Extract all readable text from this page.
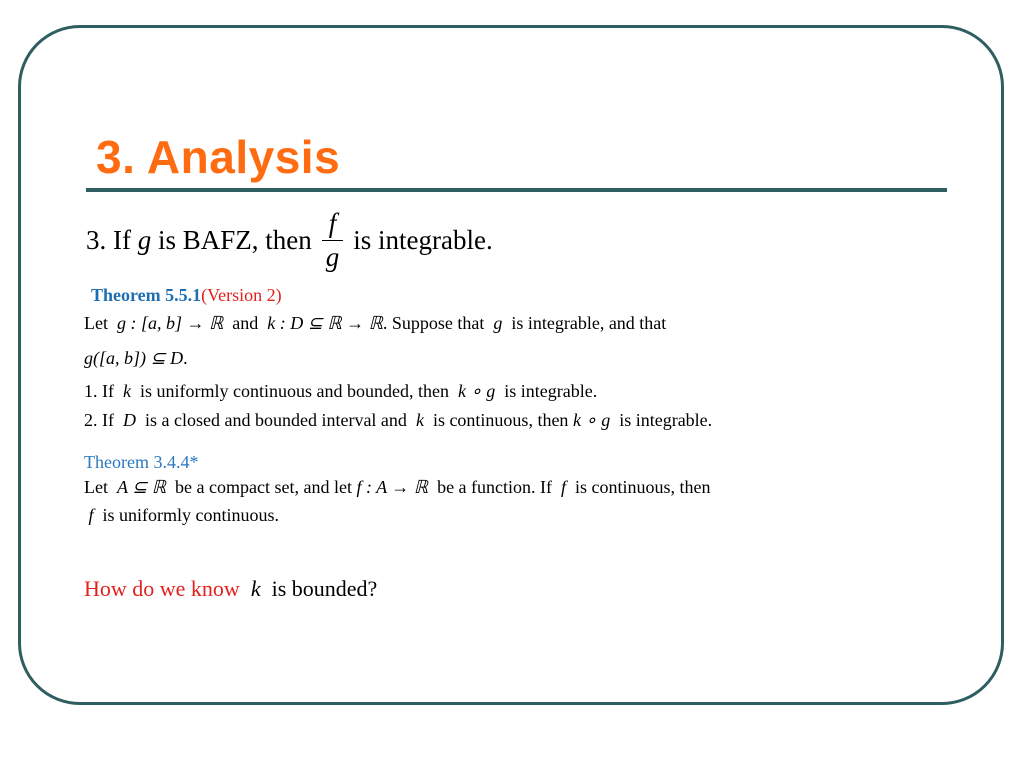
3. Analysis
3. If
g
is BAFZ, then $\frac{f}{g}$ is integrable.
Theorem 5.5.1(Version 2)
Let g : [a, b] → ℝ and k : D ⊆ ℝ → ℝ. Suppose that g is integrable, and that
g([a, b]) ⊆ D.
1. If k is uniformly continuous and bounded, then k ∘ g is integrable.
2. If D is a closed and bounded interval and k is continuous, then k ∘ g is integrable.
Theorem 3.4.4*
Let A ⊆ ℝ be a compact set, and let f : A → ℝ be a function. If f is continuous, then
f is uniformly continuous.
How do we know k is bounded?
